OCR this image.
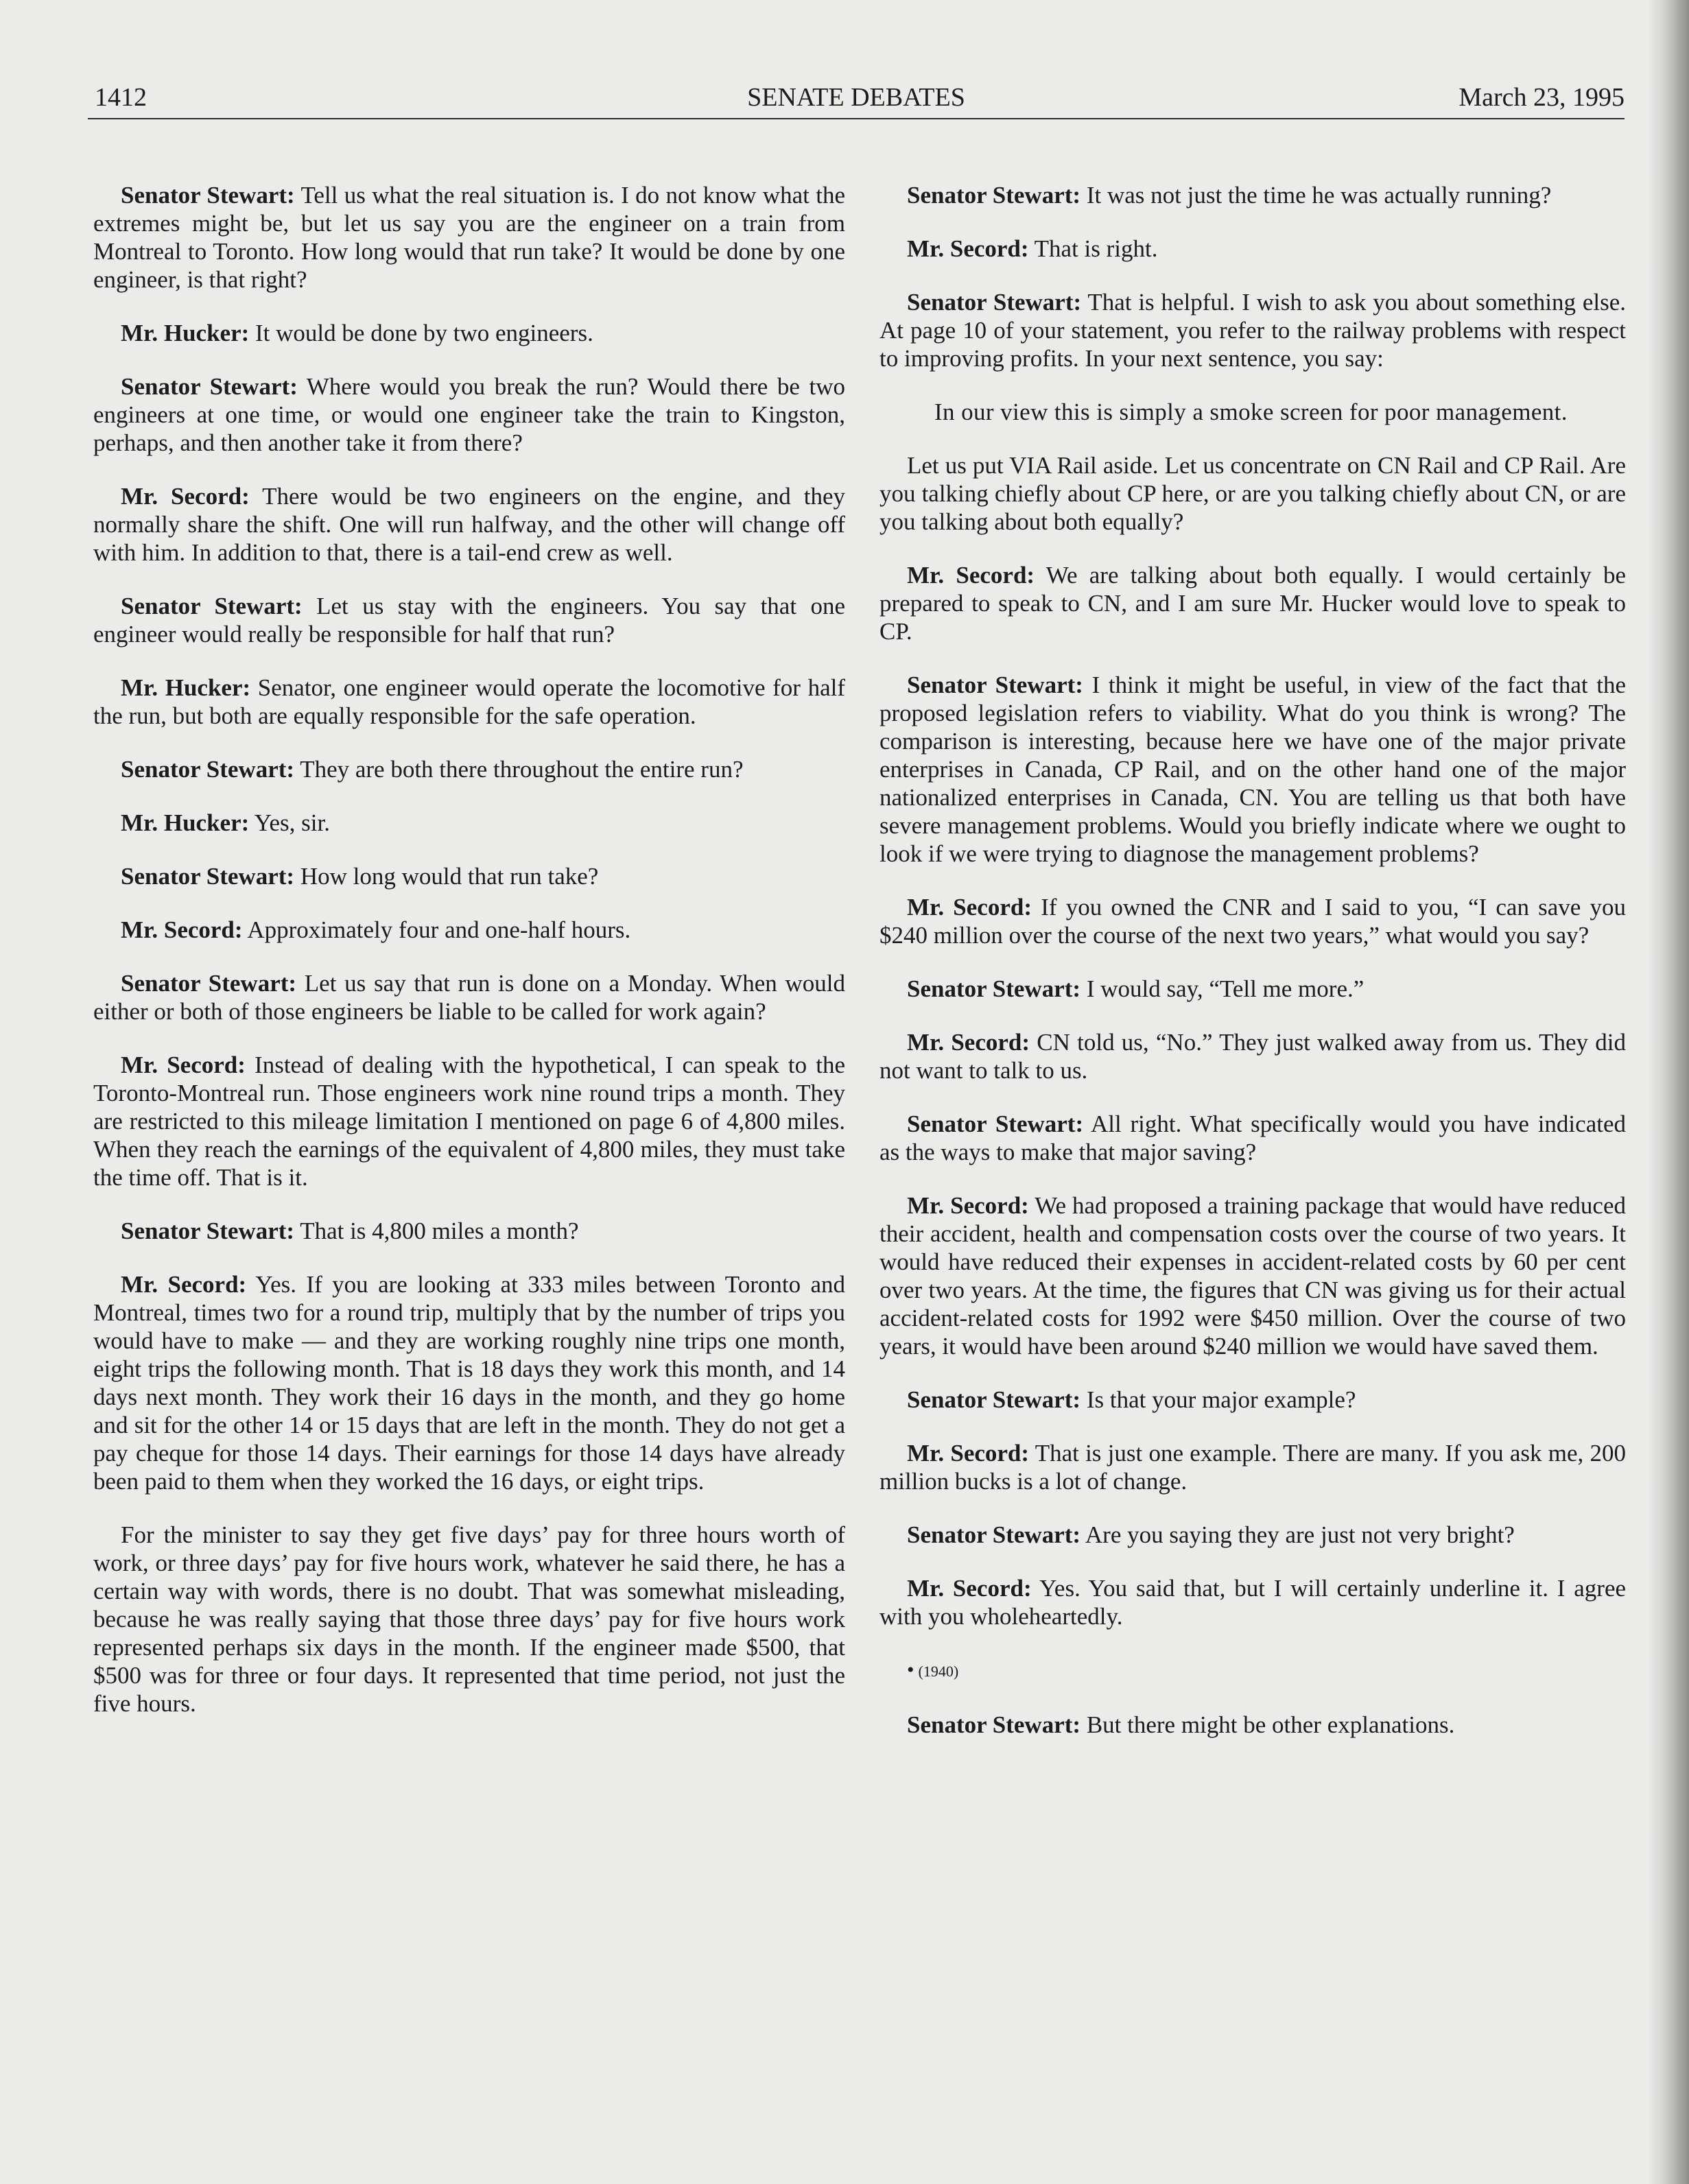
1412	SENATE DEBATES	March 23, 1995

Senator Stewart: Tell us what the real situation is. I do not know what the extremes might be, but let us say you are the engineer on a train from Montreal to Toronto. How long would that run take? It would be done by one engineer, is that right?

Mr. Hucker: It would be done by two engineers.

Senator Stewart: Where would you break the run? Would there be two engineers at one time, or would one engineer take the train to Kingston, perhaps, and then another take it from there?

Mr. Secord: There would be two engineers on the engine, and they normally share the shift. One will run halfway, and the other will change off with him. In addition to that, there is a tail-end crew as well.

Senator Stewart: Let us stay with the engineers. You say that one engineer would really be responsible for half that run?

Mr. Hucker: Senator, one engineer would operate the locomotive for half the run, but both are equally responsible for the safe operation.

Senator Stewart: They are both there throughout the entire run?

Mr. Hucker: Yes, sir.

Senator Stewart: How long would that run take?

Mr. Secord: Approximately four and one-half hours.

Senator Stewart: Let us say that run is done on a Monday. When would either or both of those engineers be liable to be called for work again?

Mr. Secord: Instead of dealing with the hypothetical, I can speak to the Toronto-Montreal run. Those engineers work nine round trips a month. They are restricted to this mileage limitation I mentioned on page 6 of 4,800 miles. When they reach the earnings of the equivalent of 4,800 miles, they must take the time off. That is it.

Senator Stewart: That is 4,800 miles a month?

Mr. Secord: Yes. If you are looking at 333 miles between Toronto and Montreal, times two for a round trip, multiply that by the number of trips you would have to make — and they are working roughly nine trips one month, eight trips the following month. That is 18 days they work this month, and 14 days next month. They work their 16 days in the month, and they go home and sit for the other 14 or 15 days that are left in the month. They do not get a pay cheque for those 14 days. Their earnings for those 14 days have already been paid to them when they worked the 16 days, or eight trips.

For the minister to say they get five days’ pay for three hours worth of work, or three days’ pay for five hours work, whatever he said there, he has a certain way with words, there is no doubt. That was somewhat misleading, because he was really saying that those three days’ pay for five hours work represented perhaps six days in the month. If the engineer made $500, that $500 was for three or four days. It represented that time period, not just the five hours.

Senator Stewart: It was not just the time he was actually running?

Mr. Secord: That is right.

Senator Stewart: That is helpful. I wish to ask you about something else. At page 10 of your statement, you refer to the railway problems with respect to improving profits. In your next sentence, you say:

In our view this is simply a smoke screen for poor management.

Let us put VIA Rail aside. Let us concentrate on CN Rail and CP Rail. Are you talking chiefly about CP here, or are you talking chiefly about CN, or are you talking about both equally?

Mr. Secord: We are talking about both equally. I would certainly be prepared to speak to CN, and I am sure Mr. Hucker would love to speak to CP.

Senator Stewart: I think it might be useful, in view of the fact that the proposed legislation refers to viability. What do you think is wrong? The comparison is interesting, because here we have one of the major private enterprises in Canada, CP Rail, and on the other hand one of the major nationalized enterprises in Canada, CN. You are telling us that both have severe management problems. Would you briefly indicate where we ought to look if we were trying to diagnose the management problems?

Mr. Secord: If you owned the CNR and I said to you, “I can save you $240 million over the course of the next two years,” what would you say?

Senator Stewart: I would say, “Tell me more.”

Mr. Secord: CN told us, “No.” They just walked away from us. They did not want to talk to us.

Senator Stewart: All right. What specifically would you have indicated as the ways to make that major saving?

Mr. Secord: We had proposed a training package that would have reduced their accident, health and compensation costs over the course of two years. It would have reduced their expenses in accident-related costs by 60 per cent over two years. At the time, the figures that CN was giving us for their actual accident-related costs for 1992 were $450 million. Over the course of two years, it would have been around $240 million we would have saved them.

Senator Stewart: Is that your major example?

Mr. Secord: That is just one example. There are many. If you ask me, 200 million bucks is a lot of change.

Senator Stewart: Are you saying they are just not very bright?

Mr. Secord: Yes. You said that, but I will certainly underline it. I agree with you wholeheartedly.

• (1940)

Senator Stewart: But there might be other explanations.
